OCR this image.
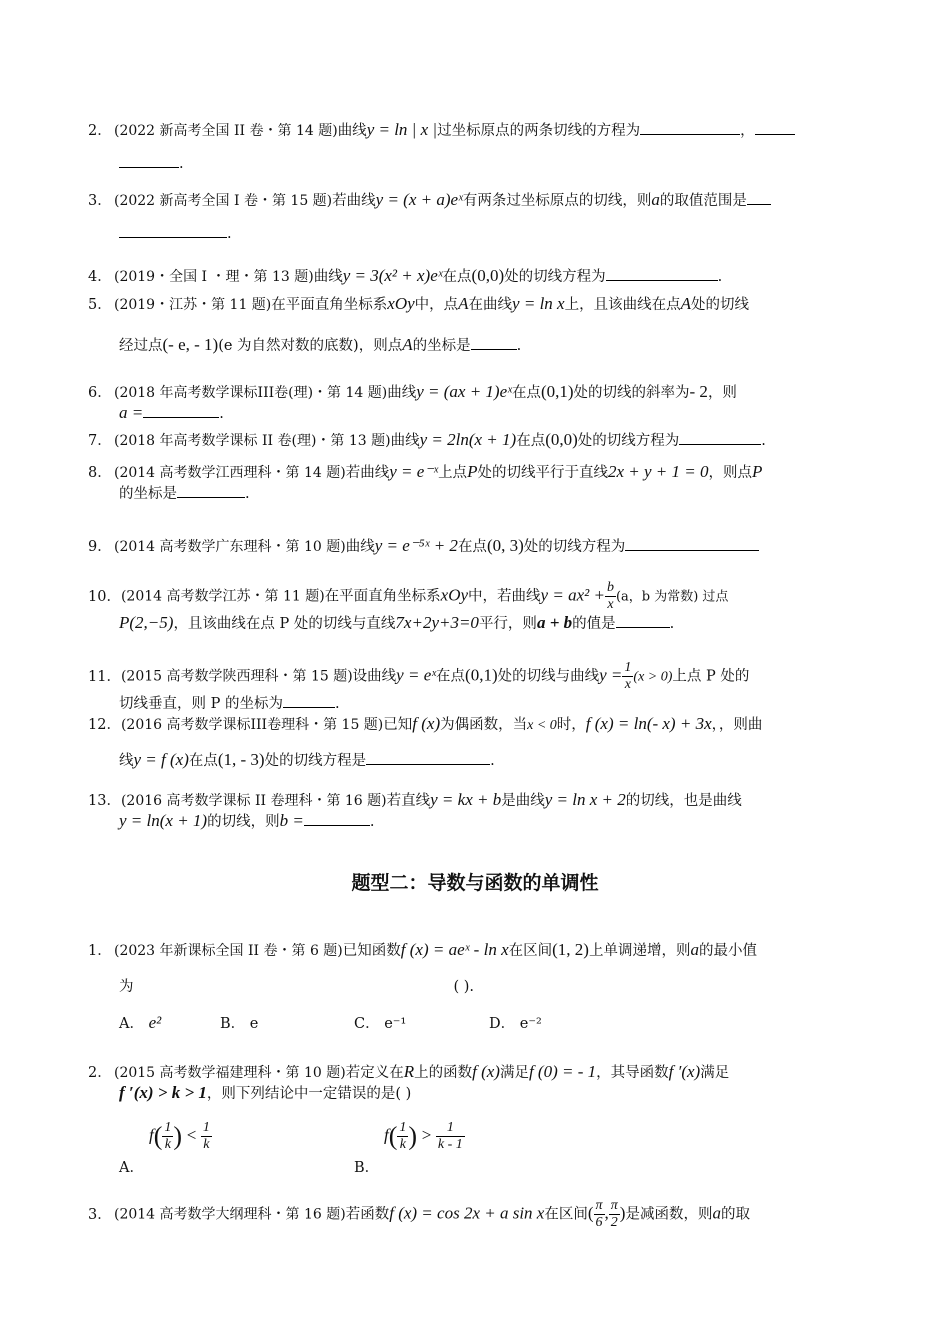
2． (2022 新高考全国 II 卷・第 14 题)曲线y = ln | x |过坐标原点的两条切线的方程为	，
.
3． (2022 新高考全国 I 卷・第 15 题)若曲线y = (x + a)eˣ有两条过坐标原点的切线，则a的取值范围是
.
4． (2019・全国 Ⅰ ・理・第 13 题)曲线y = 3(x² + x)eˣ在点(0,0)处的切线方程为	.
5． (2019・江苏・第 11 题)在平面直角坐标系xOy中，点A在曲线y = ln x上，且该曲线在点A处的切线
经过点(- e, - 1)(e 为自然对数的底数)，则点A的坐标是	.
6． (2018 年高考数学课标III卷(理)・第 14 题)曲线y = (ax + 1)eˣ在点(0,1)处的切线的斜率为- 2，则
a =	.
7． (2018 年高考数学课标 II 卷(理)・第 13 题)曲线y = 2ln(x + 1)在点(0,0)处的切线方程为	.
8． (2014 高考数学江西理科・第 14 题)若曲线y = e⁻ˣ上点P处的切线平行于直线2x + y + 1 = 0，则点P
的坐标是	.
9． (2014 高考数学广东理科・第 10 题)曲线y = e⁻⁵ˣ + 2在点(0, 3)处的切线方程为
10．(2014 高考数学江苏・第 11 题)在平面直角坐标系xOy中，若曲线$y = ax^2 + \frac{b}{x} (a$，b 为常数) 过点
P(2,−5)，且该曲线在点 P 处的切线与直线7x+2y+3=0平行，则a + b的值是	.
11．(2015 高考数学陕西理科・第 15 题)设曲线y = eˣ在点(0,1)处的切线与曲线$y = \frac{1}{x} (x > 0)$上点 P 处的
切线垂直，则 P 的坐标为	.
12．(2016 高考数学课标III卷理科・第 15 题)已知f (x)为偶函数，当x < 0时，f (x) = ln(- x) + 3x，，则曲
线y = f (x)在点(1, - 3)处的切线方程是	.
13．(2016 高考数学课标 II 卷理科・第 16 题)若直线y = kx + b是曲线y = ln x + 2的切线，也是曲线
y = ln(x + 1)的切线，则b =	.
题型二：导数与函数的单调性
1． (2023 年新课标全国 II 卷・第 6 题)已知函数f (x) = aeˣ - ln x在区间(1, 2)上单调递增，则a的最小值
为	( ).
A． e²	B． e	C． e⁻¹	D． e⁻²
2． (2015 高考数学福建理科・第 10 题)若定义在R上的函数f (x)满足f (0) = - 1，其导函数f ′(x)满足
f ′(x) > k > 1，则下列结论中一定错误的是( )
A．
$f( \frac{1}{k}$ ) < $\frac{1}{k}$
B．
$f( \frac{1}{k}$ ) > $\frac{1}{k - 1}$
3． (2014 高考数学大纲理科・第 16 题)若函数f (x) = cos 2x + a sin x在区间( $\frac{\pi}{6}$ , $\frac{\pi}{2}$ )是减函数，则a的取
